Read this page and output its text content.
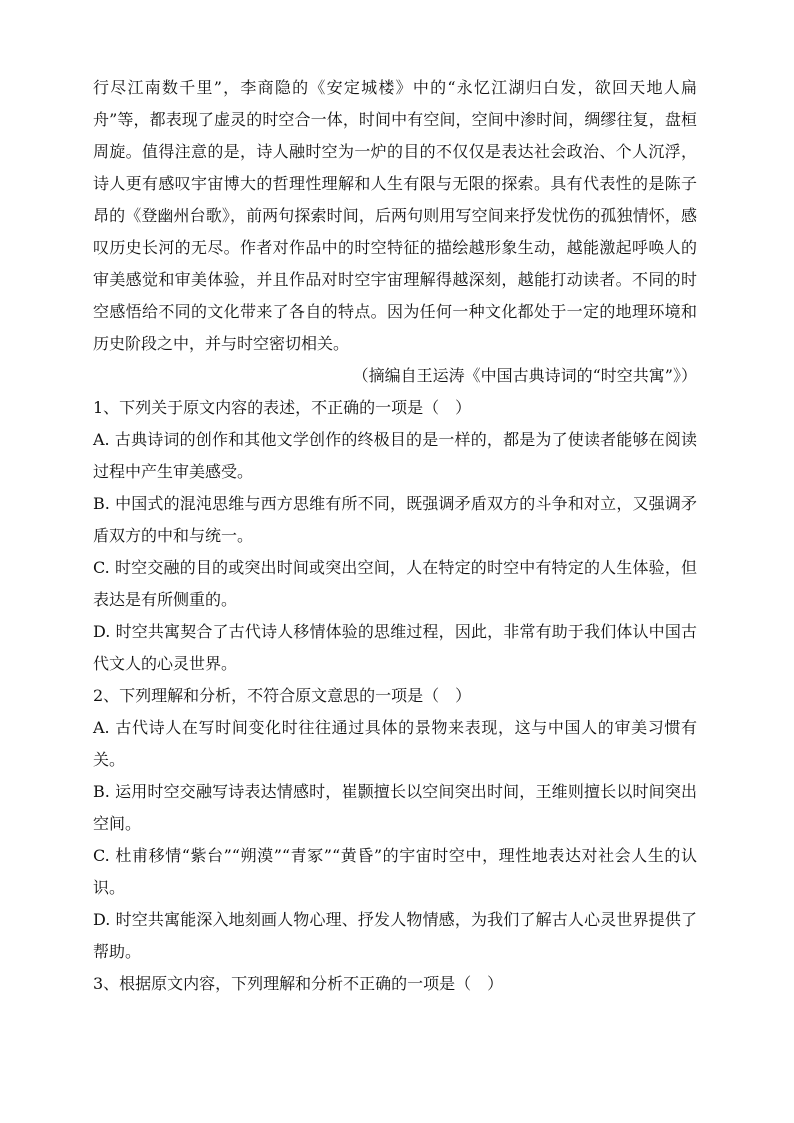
行尽江南数千里”，李商隐的《安定城楼》中的“永忆江湖归白发，欲回天地人扁舟”等，都表现了虚灵的时空合一体，时间中有空间，空间中渗时间，绸缪往复，盘桓周旋。值得注意的是，诗人融时空为一炉的目的不仅仅是表达社会政治、个人沉浮，诗人更有感叹宇宙博大的哲理性理解和人生有限与无限的探索。具有代表性的是陈子昂的《登幽州台歌》，前两句探索时间，后两句则用写空间来抒发忧伤的孤独情怀，感叹历史长河的无尽。作者对作品中的时空特征的描绘越形象生动，越能激起呼唤人的审美感觉和审美体验，并且作品对时空宇宙理解得越深刻，越能打动读者。不同的时空感悟给不同的文化带来了各自的特点。因为任何一种文化都处于一定的地理环境和历史阶段之中，并与时空密切相关。

（摘编自王运涛《中国古典诗词的“时空共寓”》）

1、下列关于原文内容的表述，不正确的一项是（　）

A. 古典诗词的创作和其他文学创作的终极目的是一样的，都是为了使读者能够在阅读过程中产生审美感受。

B. 中国式的混沌思维与西方思维有所不同，既强调矛盾双方的斗争和对立，又强调矛盾双方的中和与统一。

C. 时空交融的目的或突出时间或突出空间，人在特定的时空中有特定的人生体验，但表达是有所侧重的。

D. 时空共寓契合了古代诗人移情体验的思维过程，因此，非常有助于我们体认中国古代文人的心灵世界。

2、下列理解和分析，不符合原文意思的一项是（　）

A. 古代诗人在写时间变化时往往通过具体的景物来表现，这与中国人的审美习惯有关。

B. 运用时空交融写诗表达情感时，崔颢擅长以空间突出时间，王维则擅长以时间突出空间。

C. 杜甫移情“紫台”“朔漠”“青冢”“黄昏”的宇宙时空中，理性地表达对社会人生的认识。

D. 时空共寓能深入地刻画人物心理、抒发人物情感，为我们了解古人心灵世界提供了帮助。

3、根据原文内容，下列理解和分析不正确的一项是（　）
